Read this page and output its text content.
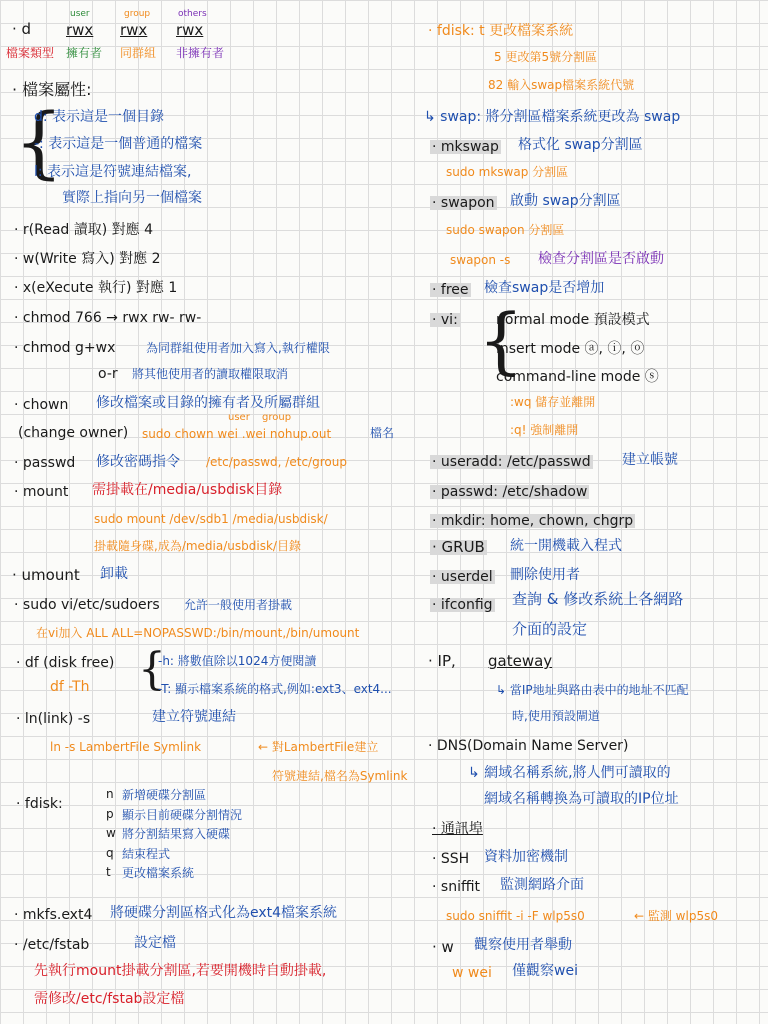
· d
user	group	others
rwx rwx rwx
檔案類型 擁有者 同群組 非擁有者
· 檔案屬性:
{
d: 表示這是一個目錄
-: 表示這是一個普通的檔案
l: 表示這是符號連結檔案,
實際上指向另一個檔案
· r(Read 讀取) 對應 4
· w(Write 寫入) 對應 2
· x(eXecute 執行) 對應 1
· chmod 766 → rwx rw- rw-
· chmod g+wx	為同群組使用者加入寫入,執行權限
o-r 將其他使用者的讀取權限取消
· chown 修改檔案或目錄的擁有者及所屬群組
(change owner)
user group
sudo chown wei .wei nohup.out	檔名
· passwd 修改密碼指令 /etc/passwd, /etc/group
· mount 需掛載在/media/usbdisk目錄
sudo mount /dev/sdb1 /media/usbdisk/
掛載隨身碟,成為/media/usbdisk/目錄
· umount 卸載
· sudo vi/etc/sudoers 允許一般使用者掛載
在vi加入 ALL ALL=NOPASSWD:/bin/mount,/bin/umount
· df (disk free) {
-h: 將數值除以1024方便閱讀
-T: 顯示檔案系統的格式,例如:ext3、ext4...
df -Th
· ln(link) -s	建立符號連結
ln -s LambertFile Symlink	← 對LambertFile建立
符號連結,檔名為Symlink
· fdisk:
n 新增硬碟分割區
p 顯示目前硬碟分割情況
w 將分割結果寫入硬碟
q 結束程式
t 更改檔案系統
· mkfs.ext4 將硬碟分割區格式化為ext4檔案系統
· /etc/fstab	設定檔
先執行mount掛載分割區,若要開機時自動掛載,
需修改/etc/fstab設定檔
· fdisk: t 更改檔案系統
5 更改第5號分割區
82 輸入swap檔案系統代號
↳ swap: 將分割區檔案系統更改為 swap
· mkswap 格式化 swap分割區
sudo mkswap 分割區
· swapon 啟動 swap分割區
sudo swapon 分割區
swapon -s 檢查分割區是否啟動
· free 檢查swap是否增加
· vi: {
normal mode 預設模式
insert mode ⓐ, ⓘ, ⓞ
command-line mode ⓢ
:wq 儲存並離開
:q! 強制離開
· useradd: /etc/passwd 建立帳號
· passwd: /etc/shadow
· mkdir: home, chown, chgrp
· GRUB 統一開機載入程式
· userdel 刪除使用者
· ifconfig 查詢 & 修改系統上各網路
介面的設定
· IP, gateway
↳ 當IP地址與路由表中的地址不匹配
時,使用預設閘道
· DNS(Domain Name Server)
↳ 網域名稱系統,將人們可讀取的
網域名稱轉換為可讀取的IP位址
· 通訊埠
· SSH 資料加密機制
· sniffit 監測網路介面
sudo sniffit -i -F wlp5s0	← 監測 wlp5s0
· w 觀察使用者舉動
w wei 僅觀察wei
